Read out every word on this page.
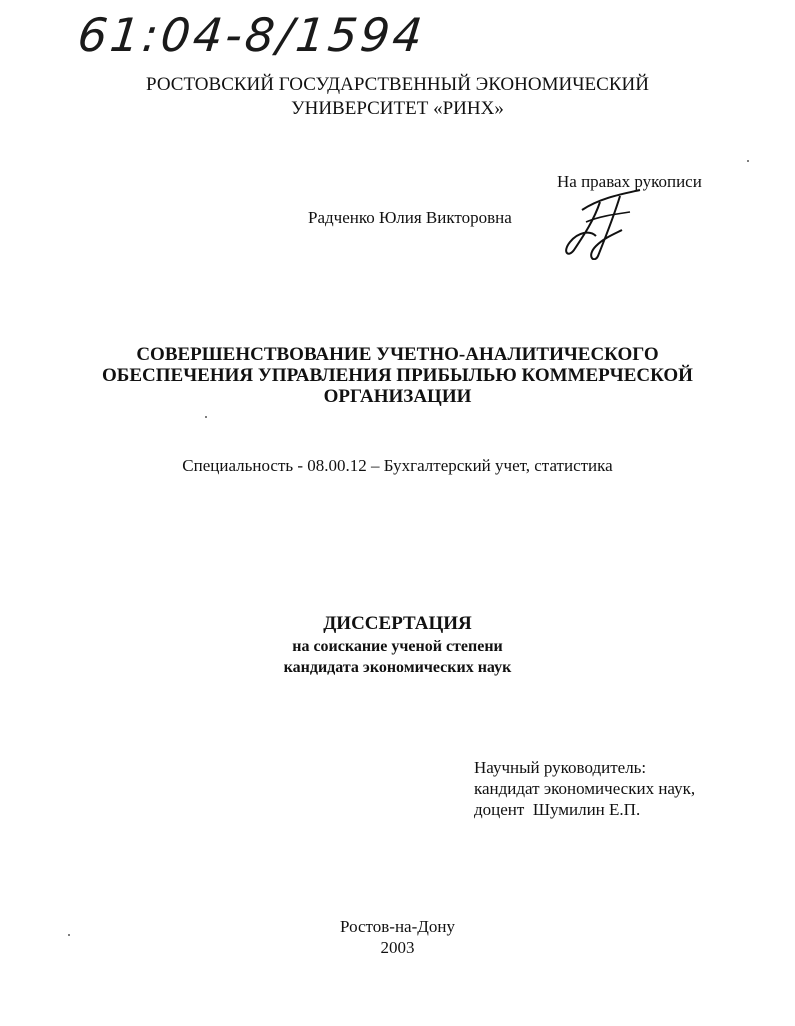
61:04-8/1594
РОСТОВСКИЙ ГОСУДАРСТВЕННЫЙ ЭКОНОМИЧЕСКИЙ
УНИВЕРСИТЕТ «РИНХ»
На правах рукописи
Радченко Юлия Викторовна
СОВЕРШЕНСТВОВАНИЕ УЧЕТНО-АНАЛИТИЧЕСКОГО
ОБЕСПЕЧЕНИЯ УПРАВЛЕНИЯ ПРИБЫЛЬЮ КОММЕРЧЕСКОЙ
ОРГАНИЗАЦИИ
Специальность - 08.00.12 – Бухгалтерский учет, статистика
ДИССЕРТАЦИЯ
на соискание ученой степени
кандидата экономических наук
Научный руководитель:
кандидат экономических наук,
доцент  Шумилин Е.П.
Ростов-на-Дону
2003
